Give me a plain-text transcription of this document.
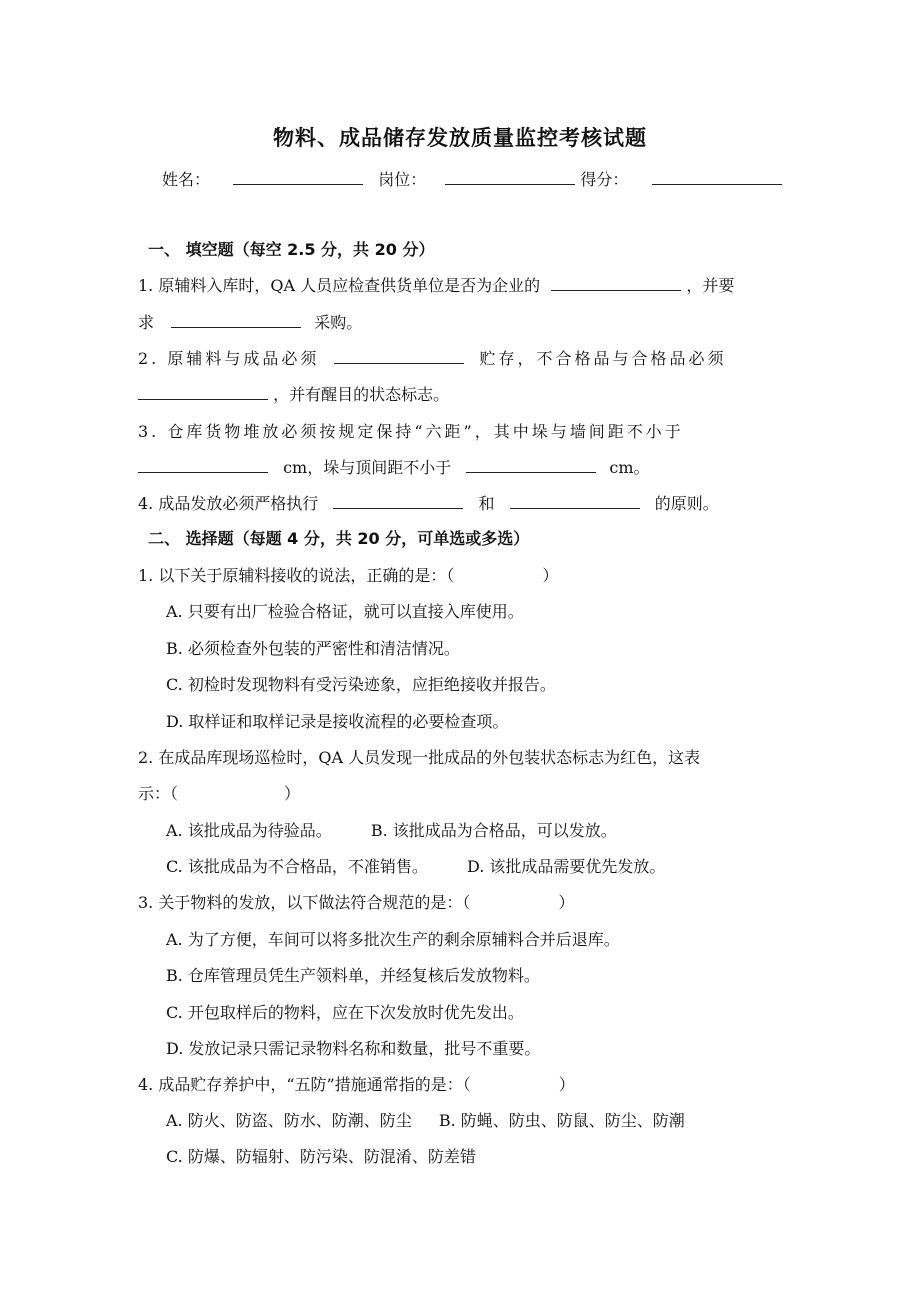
物料、成品储存发放质量监控考核试题
姓名：	岗位：	得分：
一、 填空题（每空 2.5 分，共 20 分）
1. 原辅料入库时，QA 人员应检查供货单位是否为企业的	，并要
求	采购。
2. 原辅料与成品必须	贮存，不合格品与合格品必须
，并有醒目的状态标志。
3. 仓库货物堆放必须按规定保持“六距”，其中垛与墙间距不小于
cm，垛与顶间距不小于	cm。
4. 成品发放必须严格执行	和	的原则。
二、 选择题（每题 4 分，共 20 分，可单选或多选）
1. 以下关于原辅料接收的说法，正确的是：（	）
A. 只要有出厂检验合格证，就可以直接入库使用。
B. 必须检查外包装的严密性和清洁情况。
C. 初检时发现物料有受污染迹象，应拒绝接收并报告。
D. 取样证和取样记录是接收流程的必要检查项。
2. 在成品库现场巡检时，QA 人员发现一批成品的外包装状态标志为红色，这表
示：（	）
A. 该批成品为待验品。 B. 该批成品为合格品，可以发放。
C. 该批成品为不合格品，不准销售。 D. 该批成品需要优先发放。
3. 关于物料的发放，以下做法符合规范的是：（	）
A. 为了方便，车间可以将多批次生产的剩余原辅料合并后退库。
B. 仓库管理员凭生产领料单，并经复核后发放物料。
C. 开包取样后的物料，应在下次发放时优先发出。
D. 发放记录只需记录物料名称和数量，批号不重要。
4. 成品贮存养护中，“五防”措施通常指的是：（	）
A. 防火、防盗、防水、防潮、防尘 B. 防蝇、防虫、防鼠、防尘、防潮
C. 防爆、防辐射、防污染、防混淆、防差错
